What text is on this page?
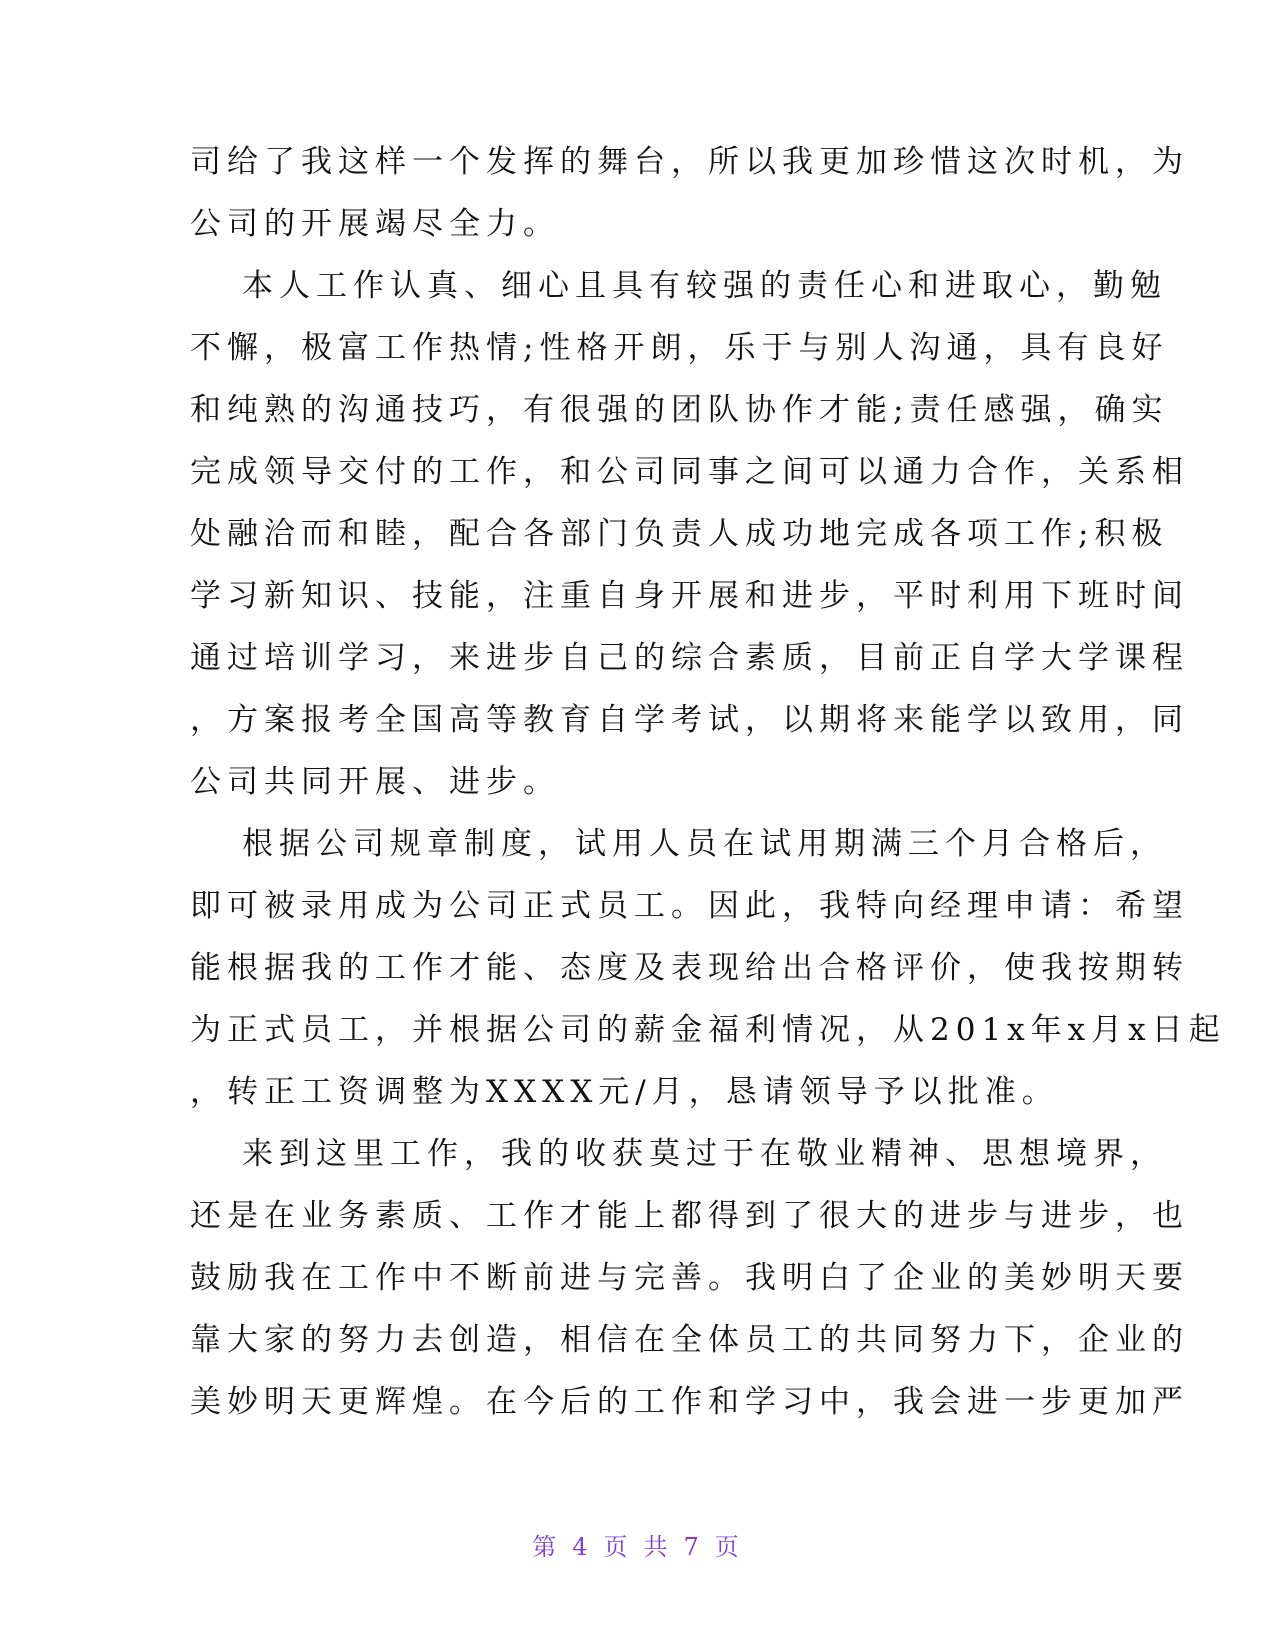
司给了我这样一个发挥的舞台，所以我更加珍惜这次时机，为
公司的开展竭尽全力。
本人工作认真、细心且具有较强的责任心和进取心，勤勉
不懈，极富工作热情;性格开朗，乐于与别人沟通，具有良好
和纯熟的沟通技巧，有很强的团队协作才能;责任感强，确实
完成领导交付的工作，和公司同事之间可以通力合作，关系相
处融洽而和睦，配合各部门负责人成功地完成各项工作;积极
学习新知识、技能，注重自身开展和进步，平时利用下班时间
通过培训学习，来进步自己的综合素质，目前正自学大学课程
，方案报考全国高等教育自学考试，以期将来能学以致用，同
公司共同开展、进步。
根据公司规章制度，试用人员在试用期满三个月合格后，
即可被录用成为公司正式员工。因此，我特向经理申请：希望
能根据我的工作才能、态度及表现给出合格评价，使我按期转
为正式员工，并根据公司的薪金福利情况，从201x年x月x日起
，转正工资调整为XXXX元/月，恳请领导予以批准。
来到这里工作，我的收获莫过于在敬业精神、思想境界，
还是在业务素质、工作才能上都得到了很大的进步与进步，也
鼓励我在工作中不断前进与完善。我明白了企业的美妙明天要
靠大家的努力去创造，相信在全体员工的共同努力下，企业的
美妙明天更辉煌。在今后的工作和学习中，我会进一步更加严
第 4 页 共 7 页
